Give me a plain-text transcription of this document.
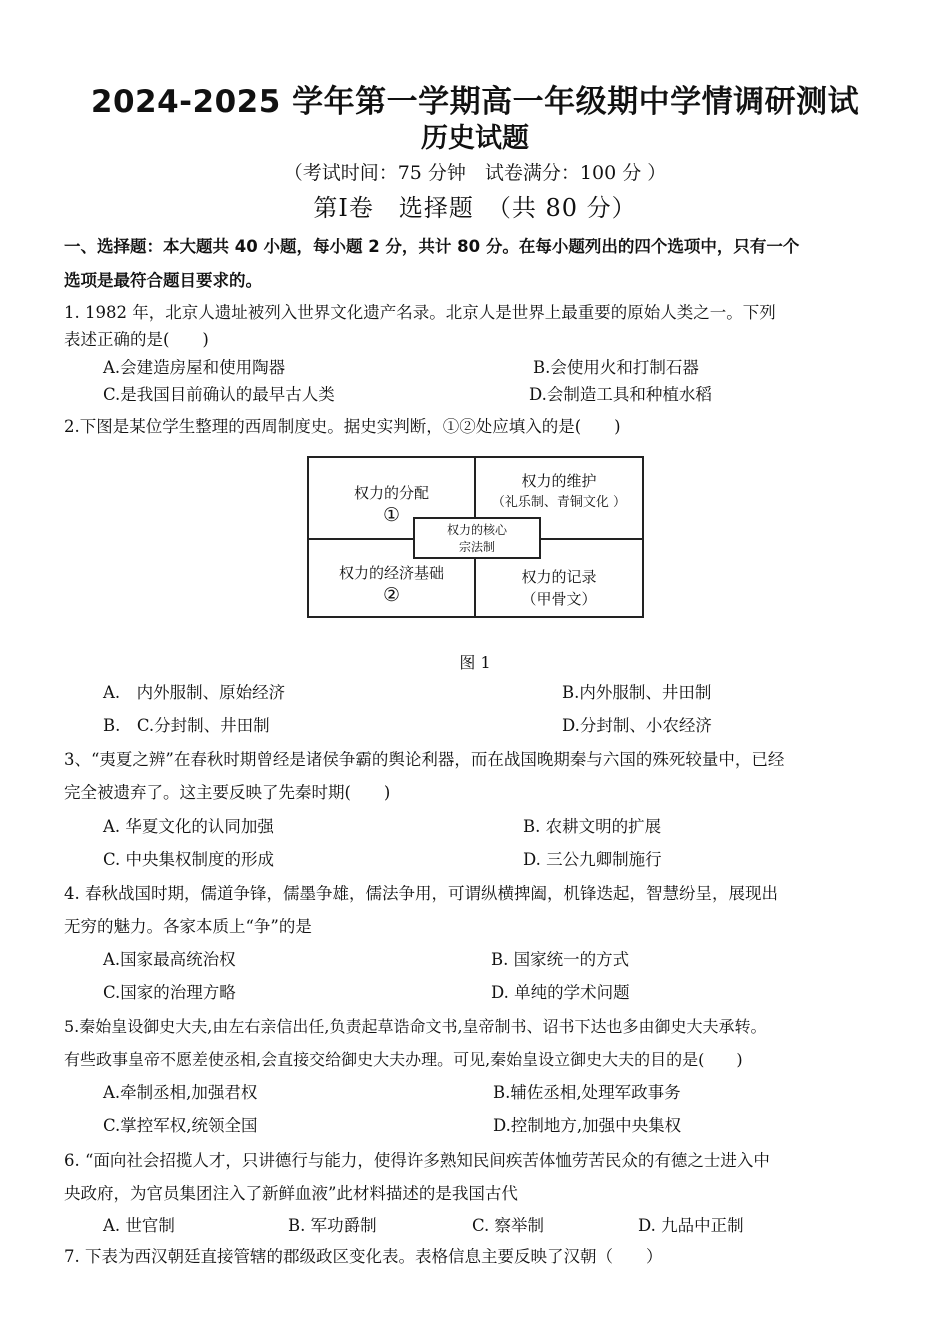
2024-2025 学年第一学期高一年级期中学情调研测试
历史试题
（考试时间：75 分钟　试卷满分：100 分 ）
第Ⅰ卷　选择题　（共 80 分）
一、选择题：本大题共 40 小题，每小题 2 分，共计 80 分。在每小题列出的四个选项中，只有一个
选项是最符合题目要求的。
1. 1982 年，北京人遗址被列入世界文化遗产名录。北京人是世界上最重要的原始人类之一。下列
表述正确的是(　　)
A.会建造房屋和使用陶器	B.会使用火和打制石器
C.是我国目前确认的最早古人类	D.会制造工具和种植水稻
2.下图是某位学生整理的西周制度史。据史实判断，①②处应填入的是(　　)
权力的分配
①
权力的维护
（礼乐制、青铜文化 ）
权力的经济基础
②
权力的记录
（甲骨文）
权力的核心
宗法制
图 1
A.　内外服制、原始经济	B.内外服制、井田制
B.　C.分封制、井田制	D.分封制、小农经济
3、“夷夏之辨”在春秋时期曾经是诸侯争霸的舆论利器，而在战国晚期秦与六国的殊死较量中，已经
完全被遗弃了。这主要反映了先秦时期(　　)
A. 华夏文化的认同加强	B. 农耕文明的扩展
C. 中央集权制度的形成	D. 三公九卿制施行
4. 春秋战国时期，儒道争锋，儒墨争雄，儒法争用，可谓纵横捭阖，机锋迭起，智慧纷呈，展现出
无穷的魅力。各家本质上“争”的是
A.国家最高统治权	B. 国家统一的方式
C.国家的治理方略	D. 单纯的学术问题
5.秦始皇设御史大夫,由左右亲信出任,负责起草诰命文书,皇帝制书、诏书下达也多由御史大夫承转。
有些政事皇帝不愿差使丞相,会直接交给御史大夫办理。可见,秦始皇设立御史大夫的目的是(　　)
A.牵制丞相,加强君权	B.辅佐丞相,处理军政事务
C.掌控军权,统领全国	D.控制地方,加强中央集权
6. “面向社会招揽人才，只讲德行与能力，使得许多熟知民间疾苦体恤劳苦民众的有德之士进入中
央政府，为官员集团注入了新鲜血液”此材料描述的是我国古代
A. 世官制	B. 军功爵制	C. 察举制	D. 九品中正制
7. 下表为西汉朝廷直接管辖的郡级政区变化表。表格信息主要反映了汉朝（　　）
